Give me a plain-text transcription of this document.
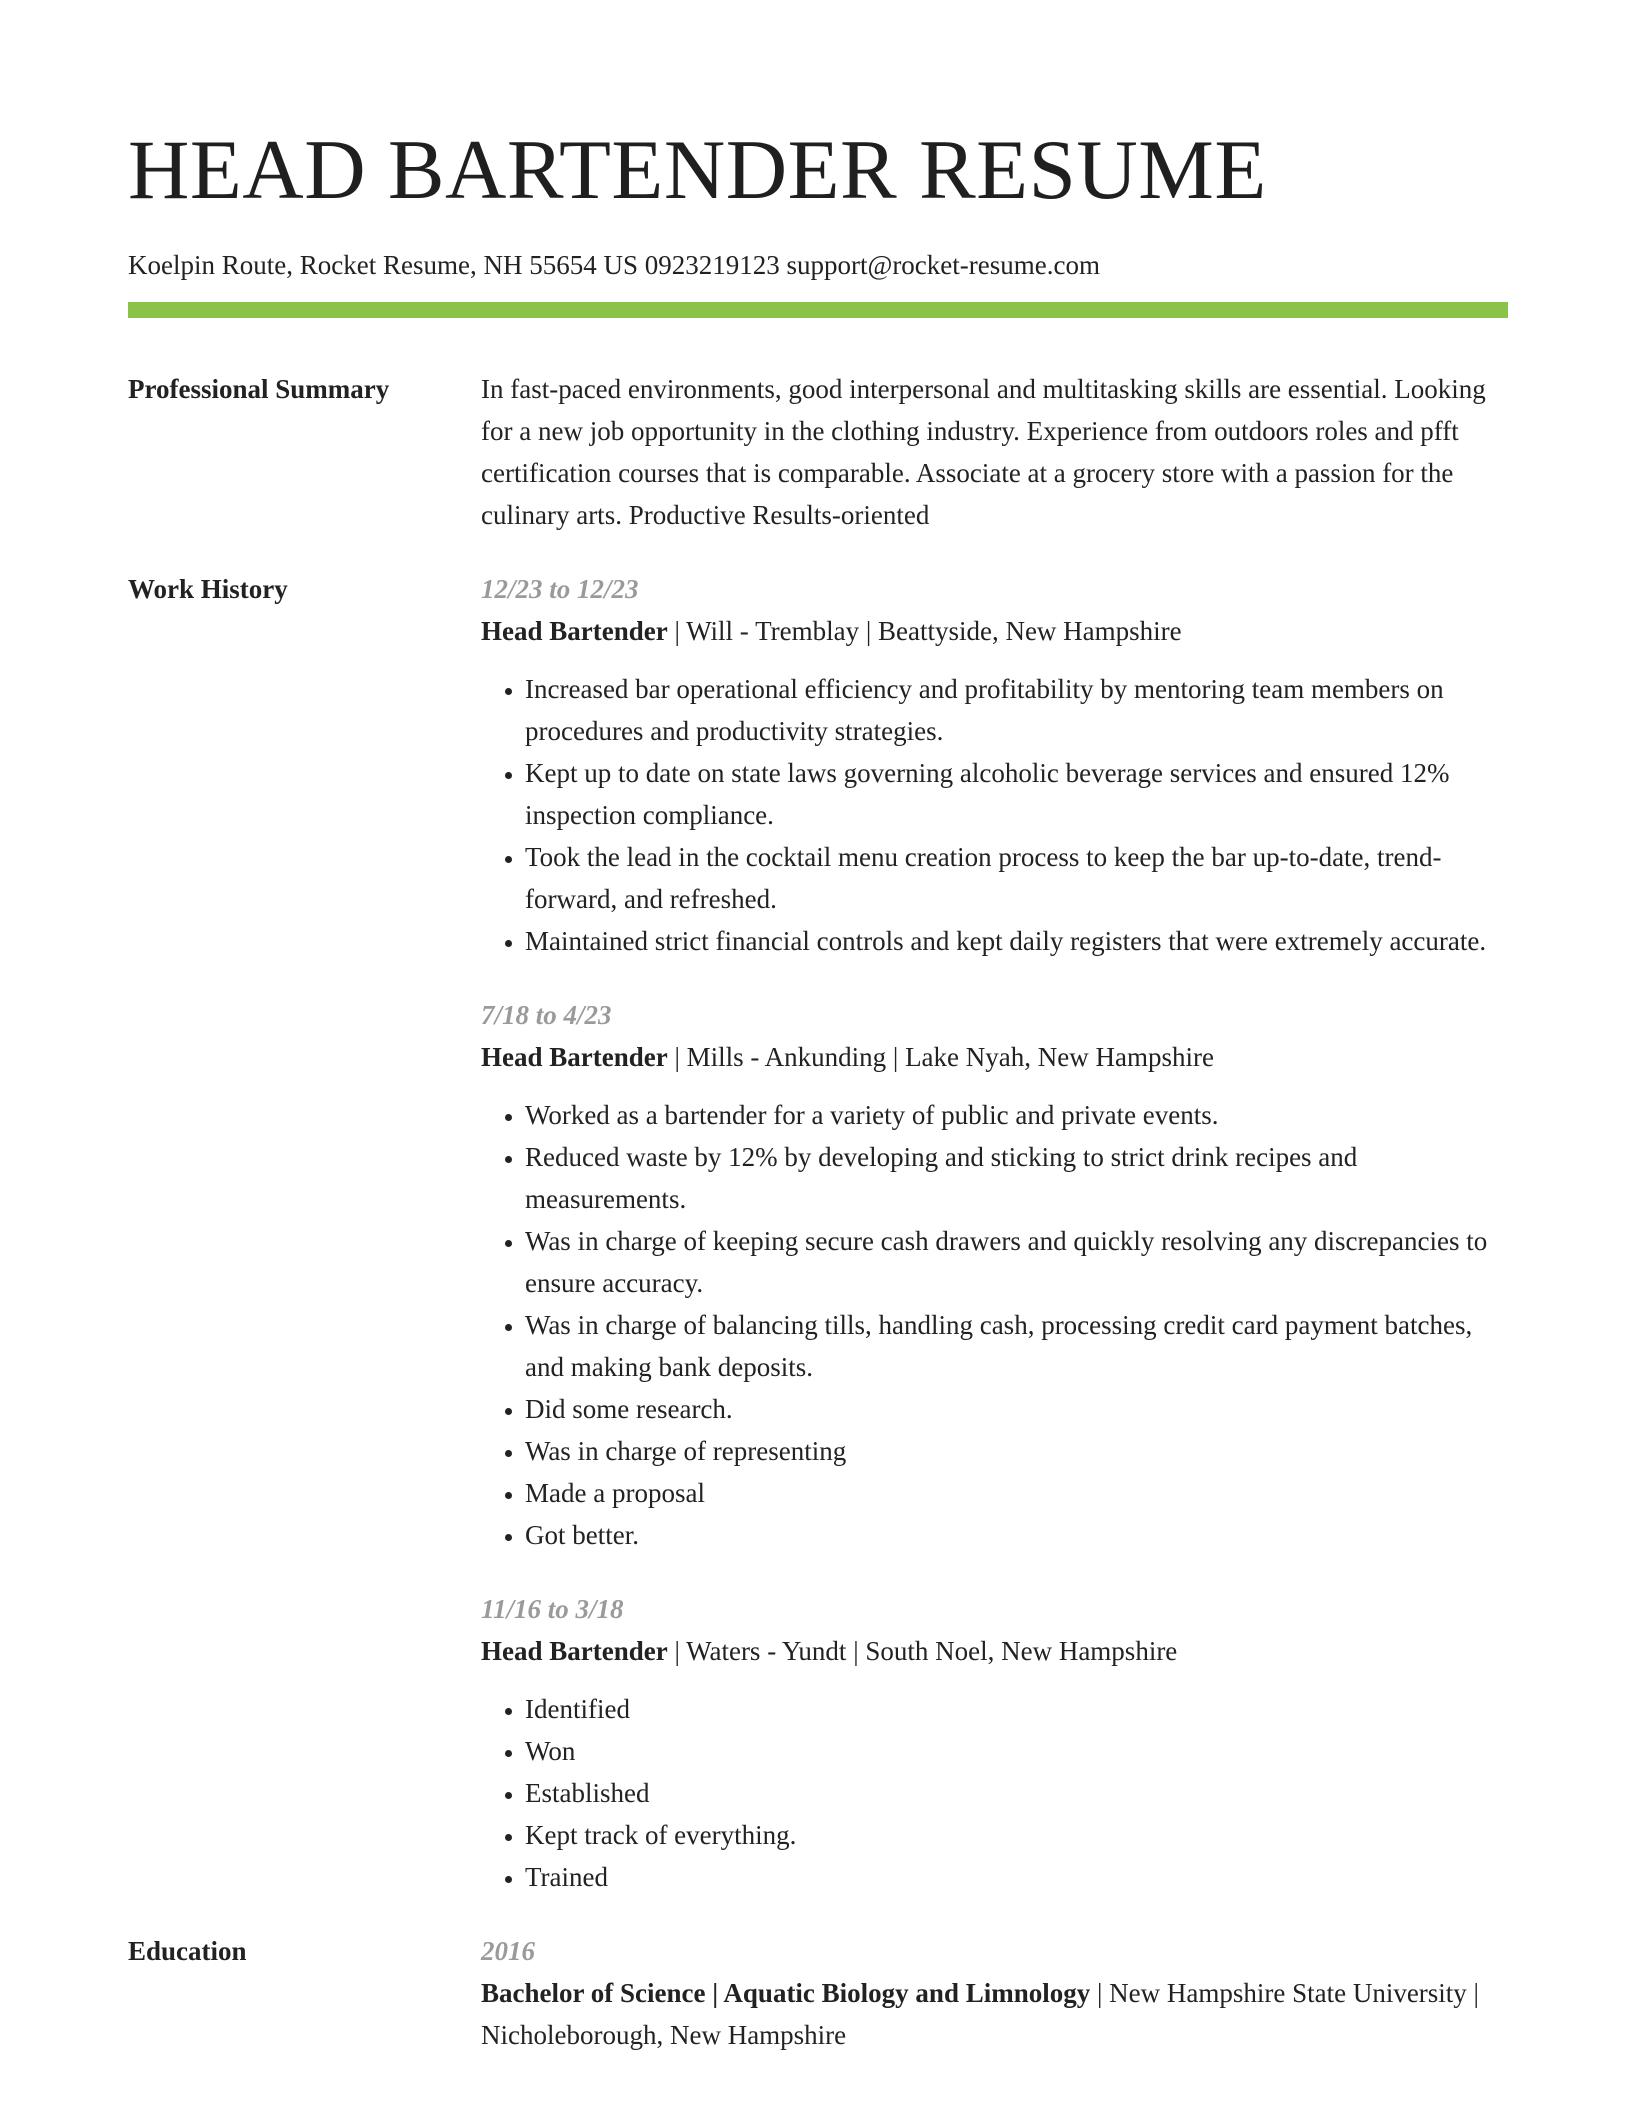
HEAD BARTENDER RESUME
Koelpin Route, Rocket Resume, NH 55654 US 0923219123 support@rocket-resume.com
Professional Summary	In fast-paced environments, good interpersonal and multitasking skills are essential. Looking for a new job opportunity in the clothing industry. Experience from outdoors roles and pfft certification courses that is comparable. Associate at a grocery store with a passion for the culinary arts. Productive Results-oriented
Work History	12/23 to 12/23
Head Bartender | Will - Tremblay | Beattyside, New Hampshire
• Increased bar operational efficiency and profitability by mentoring team members on procedures and productivity strategies.
• Kept up to date on state laws governing alcoholic beverage services and ensured 12% inspection compliance.
• Took the lead in the cocktail menu creation process to keep the bar up-to-date, trend-forward, and refreshed.
• Maintained strict financial controls and kept daily registers that were extremely accurate.
7/18 to 4/23
Head Bartender | Mills - Ankunding | Lake Nyah, New Hampshire
• Worked as a bartender for a variety of public and private events.
• Reduced waste by 12% by developing and sticking to strict drink recipes and measurements.
• Was in charge of keeping secure cash drawers and quickly resolving any discrepancies to ensure accuracy.
• Was in charge of balancing tills, handling cash, processing credit card payment batches, and making bank deposits.
• Did some research.
• Was in charge of representing
• Made a proposal
• Got better.
11/16 to 3/18
Head Bartender | Waters - Yundt | South Noel, New Hampshire
• Identified
• Won
• Established
• Kept track of everything.
• Trained
Education	2016
Bachelor of Science | Aquatic Biology and Limnology | New Hampshire State University | Nicholeborough, New Hampshire
